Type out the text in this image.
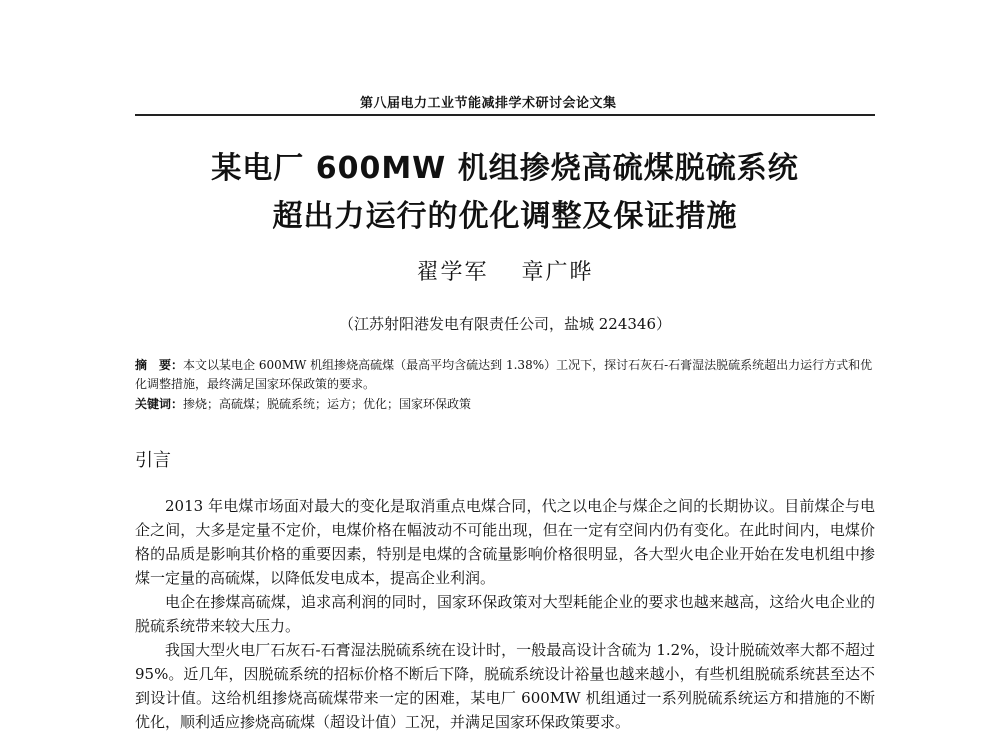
第八届电力工业节能减排学术研讨会论文集
某电厂 600MW 机组掺烧高硫煤脱硫系统
超出力运行的优化调整及保证措施
翟学军　 章广晔
（江苏射阳港发电有限责任公司，盐城 224346）
摘　要：本文以某电企 600MW 机组掺烧高硫煤（最高平均含硫达到 1.38%）工况下，探讨石灰石-石膏湿法脱硫系统超出力运行方式和优化调整措施，最终满足国家环保政策的要求。
关键词：掺烧；高硫煤；脱硫系统；运方；优化；国家环保政策
引言

2013 年电煤市场面对最大的变化是取消重点电煤合同，代之以电企与煤企之间的长期协议。目前煤企与电企之间，大多是定量不定价，电煤价格在幅波动不可能出现，但在一定有空间内仍有变化。在此时间内，电煤价格的品质是影响其价格的重要因素，特别是电煤的含硫量影响价格很明显，各大型火电企业开始在发电机组中掺煤一定量的高硫煤，以降低发电成本，提高企业利润。

电企在掺煤高硫煤，追求高利润的同时，国家环保政策对大型耗能企业的要求也越来越高，这给火电企业的脱硫系统带来较大压力。

我国大型火电厂石灰石-石膏湿法脱硫系统在设计时，一般最高设计含硫为 1.2%，设计脱硫效率大都不超过 95%。近几年，因脱硫系统的招标价格不断后下降，脱硫系统设计裕量也越来越小，有些机组脱硫系统甚至达不到设计值。这给机组掺烧高硫煤带来一定的困难，某电厂 600MW 机组通过一系列脱硫系统运方和措施的不断优化，顺利适应掺烧高硫煤（超设计值）工况，并满足国家环保政策要求。
